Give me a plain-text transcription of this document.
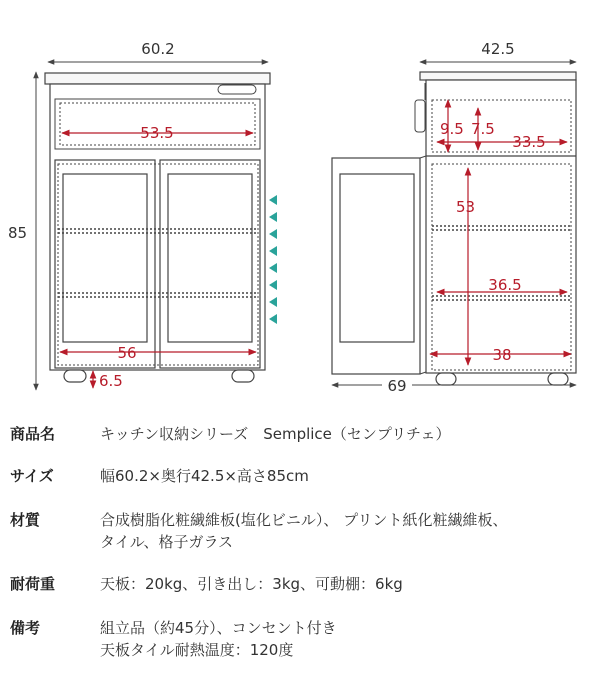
60.2
85
53.5
56
6.5
42.5
9.5 7.5
33.5
53
36.5
38
69
商品名	キッチン収納シリーズ　Semplice（センプリチェ）
サイズ	幅60.2×奥行42.5×高さ85cm
材質	合成樹脂化粧繊維板(塩化ビニル）、 プリント紙化粧繊維板、
タイル、格子ガラス
耐荷重	天板：20kg、引き出し：3kg、可動棚：6kg
備考	組立品（約45分）、コンセント付き
天板タイル耐熱温度：120度
